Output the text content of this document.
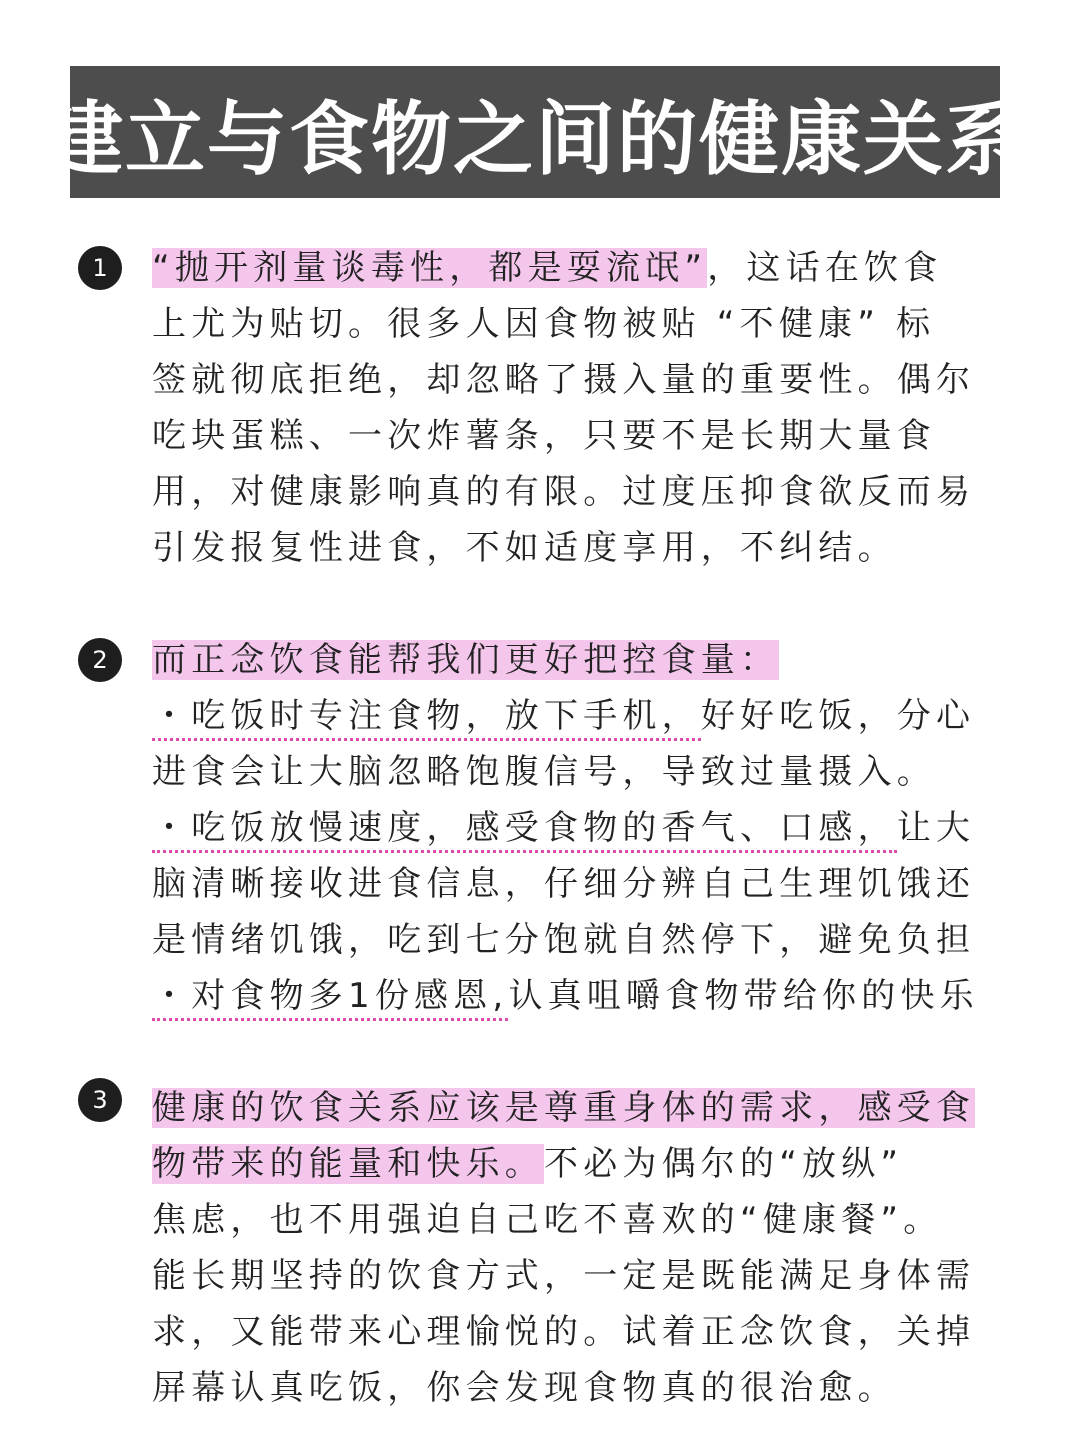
建立与食物之间的健康关系
1	“抛开剂量谈毒性，都是耍流氓”，这话在饮食
上尤为贴切。很多人因食物被贴 “不健康” 标
签就彻底拒绝，却忽略了摄入量的重要性。偶尔
吃块蛋糕、一次炸薯条，只要不是长期大量食
用，对健康影响真的有限。过度压抑食欲反而易
引发报复性进食，不如适度享用，不纠结。
2	而正念饮食能帮我们更好把控食量：
・吃饭时专注食物，放下手机，好好吃饭，分心
进食会让大脑忽略饱腹信号，导致过量摄入。
・吃饭放慢速度，感受食物的香气、口感，让大
脑清晰接收进食信息，仔细分辨自己生理饥饿还
是情绪饥饿，吃到七分饱就自然停下，避免负担
・对食物多1份感恩,认真咀嚼食物带给你的快乐
3	健康的饮食关系应该是尊重身体的需求，感受食
物带来的能量和快乐。不必为偶尔的“放纵”
焦虑，也不用强迫自己吃不喜欢的“健康餐”。
能长期坚持的饮食方式，一定是既能满足身体需
求，又能带来心理愉悦的。试着正念饮食，关掉
屏幕认真吃饭，你会发现食物真的很治愈。
